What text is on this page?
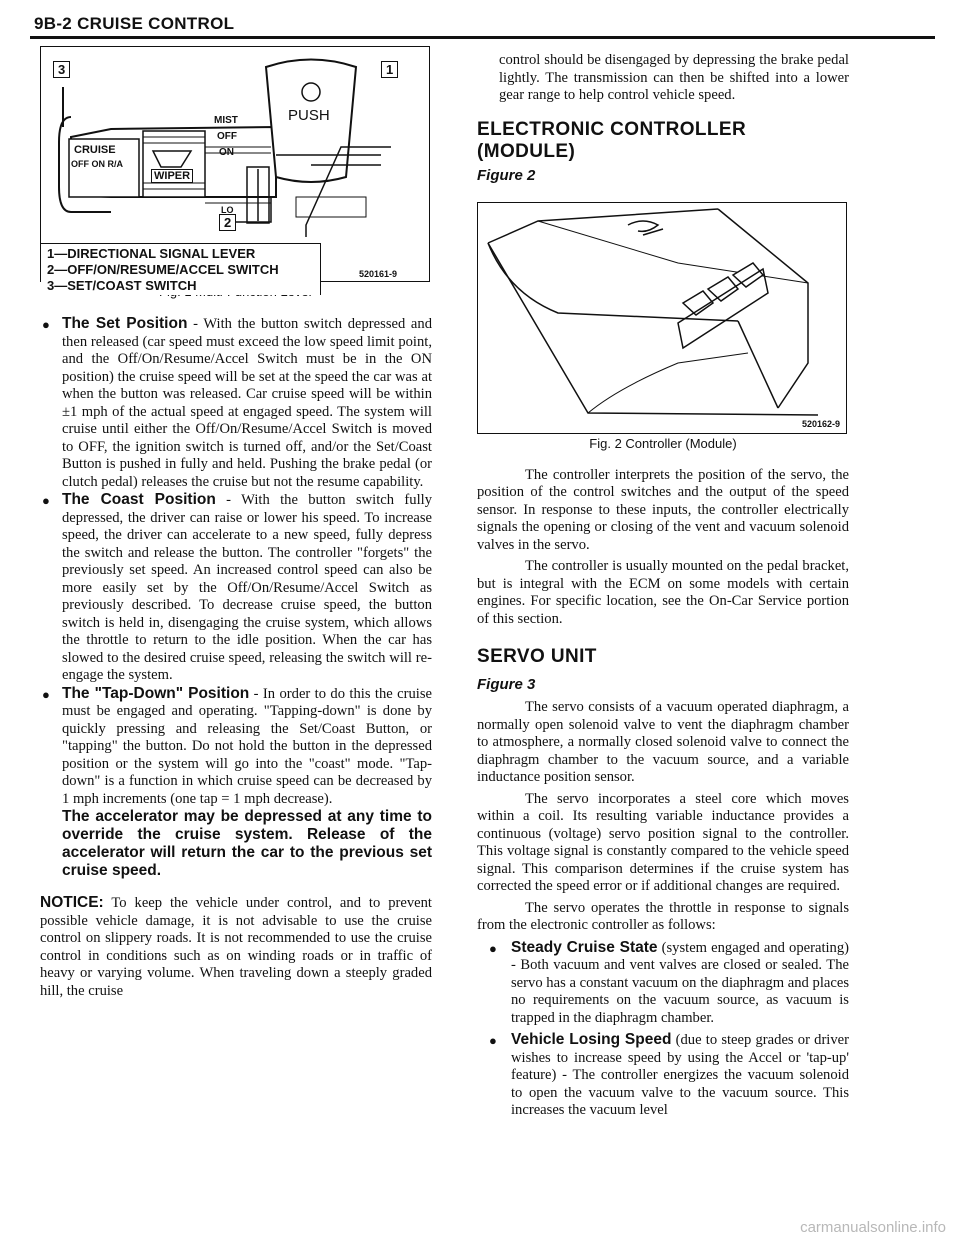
9B-2 CRUISE CONTROL
3	1
2
CRUISE
OFF ON R/A
WIPER
MIST
OFF
ON
LO
PUSH
1—DIRECTIONAL SIGNAL LEVER
2—OFF/ON/RESUME/ACCEL SWITCH
3—SET/COAST SWITCH
520161-9

● The Set Position - With the button switch depressed and then released (car speed must exceed the low speed limit point, and the Off/On/Resume/Accel Switch must be in the ON position) the cruise speed will be set at the speed the car was at when the button was released. Car cruise speed will be within ±1 mph of the actual speed at engaged speed. The system will cruise until either the Off/On/Resume/Accel Switch is moved to OFF, the ignition switch is turned off, and/or the Set/Coast Button is pushed in fully and held. Pushing the brake pedal (or clutch pedal) releases the cruise but not the resume capability.

● The Coast Position - With the button switch fully depressed, the driver can raise or lower his speed. To increase speed, the driver can accelerate to a new speed, fully depress the switch and release the button. The controller "forgets" the previously set speed. An increased control speed can also be more easily set by the Off/On/Resume/Accel Switch as previously described. To decrease cruise speed, the button switch is held in, disengaging the cruise system, which allows the throttle to return to the idle position. When the car has slowed to the desired cruise speed, releasing the switch will re-engage the system.

● The "Tap-Down" Position - In order to do this the cruise must be engaged and operating. "Tapping-down" is done by quickly pressing and releasing the Set/Coast Button, or "tapping" the button. Do not hold the button in the depressed position or the system will go into the "coast" mode. "Tap-down" is a function in which cruise speed can be decreased by 1 mph increments (one tap = 1 mph decrease).

The accelerator may be depressed at any time to override the cruise system. Release of the accelerator will return the car to the previous set cruise speed.

NOTICE: To keep the vehicle under control, and to prevent possible vehicle damage, it is not advisable to use the cruise control on slippery roads. It is not recommended to use the cruise control in conditions such as on winding roads or in traffic of heavy or varying volume. When traveling down a steeply graded hill, the cruise

control should be disengaged by depressing the brake pedal lightly. The transmission can then be shifted into a lower gear range to help control vehicle speed.

ELECTRONIC CONTROLLER (MODULE)

Figure 2

520162-9
Fig. 2 Controller (Module)

The controller interprets the position of the servo, the position of the control switches and the output of the speed sensor. In response to these inputs, the controller electrically signals the opening or closing of the vent and vacuum solenoid valves in the servo.

The controller is usually mounted on the pedal bracket, but is integral with the ECM on some models with certain engines. For specific location, see the On-Car Service portion of this section.

SERVO UNIT

Figure 3

The servo consists of a vacuum operated diaphragm, a normally open solenoid valve to vent the diaphragm chamber to atmosphere, a normally closed solenoid valve to connect the diaphragm chamber to the vacuum source, and a variable inductance position sensor.

The servo incorporates a steel core which moves within a coil. Its resulting variable inductance provides a continuous (voltage) servo position signal to the controller. This voltage signal is constantly compared to the vehicle speed signal. This comparison determines if the cruise system has corrected the speed error or if additional changes are required.

The servo operates the throttle in response to signals from the electronic controller as follows:

● Steady Cruise State (system engaged and operating) - Both vacuum and vent valves are closed or sealed. The servo has a constant vacuum on the diaphragm and places no requirements on the vacuum source, as vacuum is trapped in the diaphragm chamber.

● Vehicle Losing Speed (due to steep grades or driver wishes to increase speed by using the Accel or 'tap-up' feature) - The controller energizes the vacuum solenoid to open the vacuum valve to the vacuum source. This increases the vacuum level

carmanualsonline.info
